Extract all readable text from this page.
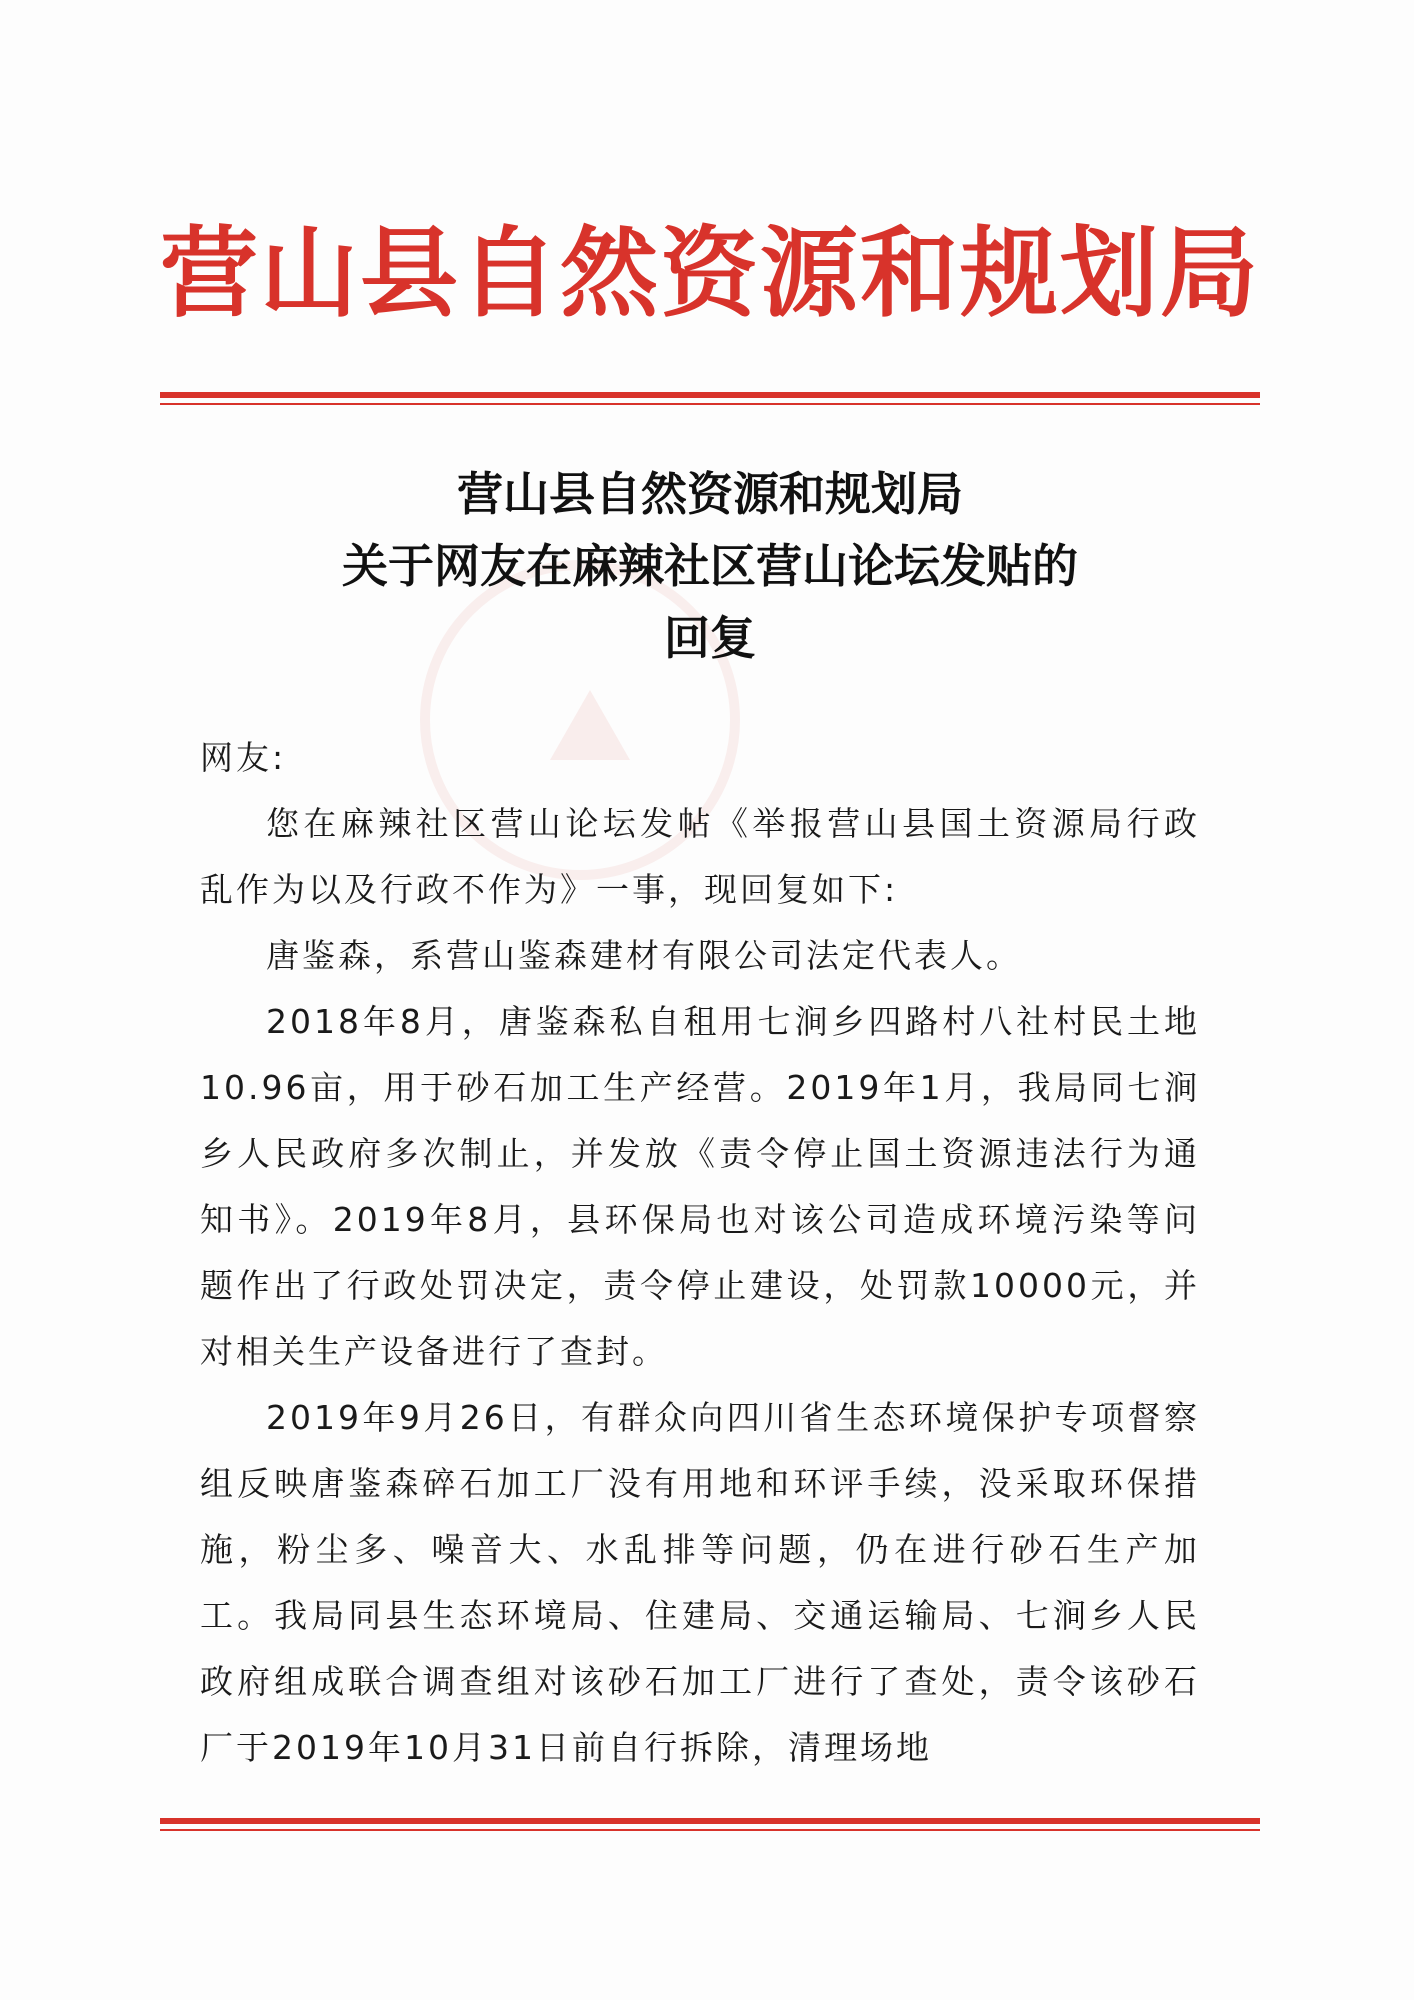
营山县自然资源和规划局
营山县自然资源和规划局
关于网友在麻辣社区营山论坛发贴的
回复

网友:

您在麻辣社区营山论坛发帖《举报营山县国土资源局行政乱作为以及行政不作为》一事，现回复如下:

唐鉴森，系营山鉴森建材有限公司法定代表人。

2018年8月，唐鉴森私自租用七涧乡四路村八社村民土地10.96亩，用于砂石加工生产经营。2019年1月，我局同七涧乡人民政府多次制止，并发放《责令停止国土资源违法行为通知书》。2019年8月，县环保局也对该公司造成环境污染等问题作出了行政处罚决定，责令停止建设，处罚款10000元，并对相关生产设备进行了查封。

2019年9月26日，有群众向四川省生态环境保护专项督察组反映唐鉴森碎石加工厂没有用地和环评手续，没采取环保措施，粉尘多、噪音大、水乱排等问题，仍在进行砂石生产加工。我局同县生态环境局、住建局、交通运输局、七涧乡人民政府组成联合调查组对该砂石加工厂进行了查处，责令该砂石厂于2019年10月31日前自行拆除，清理场地
